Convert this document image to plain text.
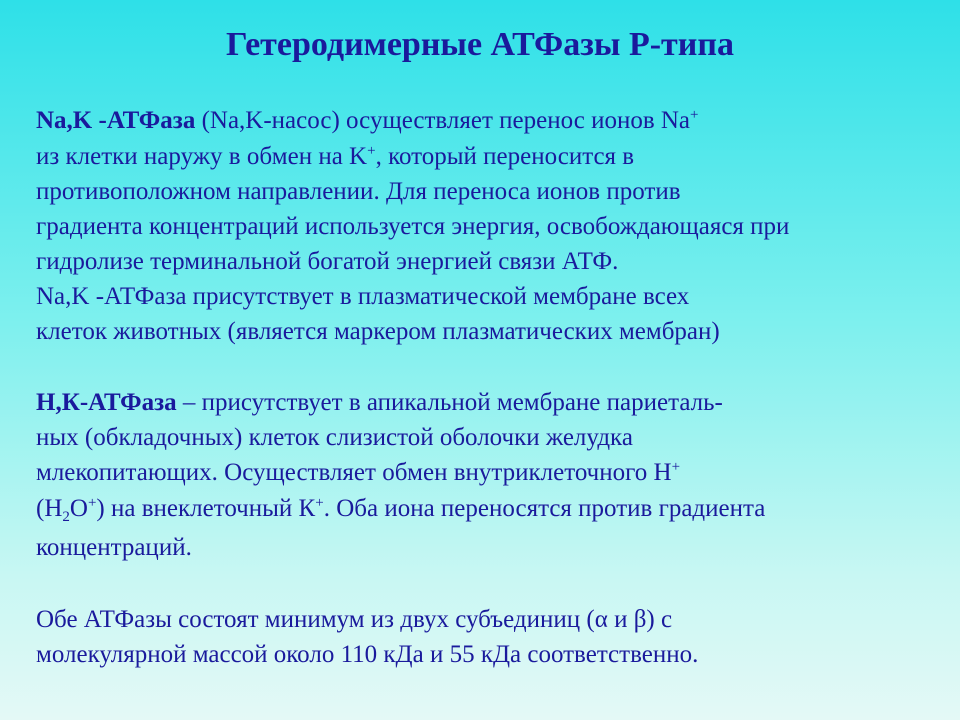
Гетеродимерные АТФазы Р-типа

Na,K -АТФаза (Na,K-насос) осуществляет перенос ионов Na+

из клетки наружу в обмен на K+, который переносится в

противоположном направлении. Для переноса ионов против

градиента концентраций используется энергия, освобождающаяся при

гидролизе терминальной богатой энергией связи АТФ.

Na,K -АТФаза присутствует в плазматической мембране всех

клеток животных (является маркером плазматических мембран)

Н,К-АТФаза – присутствует в апикальной мембране париеталь-

ных (обкладочных) клеток слизистой оболочки желудка

млекопитающих. Осуществляет обмен внутриклеточного Н+

$(Н_2О^+)$ на внеклеточный К+. Оба иона переносятся против градиента

концентраций.

Обе АТФазы состоят минимум из двух субъединиц (α и β) с

молекулярной массой около 110 кДа и 55 кДа соответственно.
